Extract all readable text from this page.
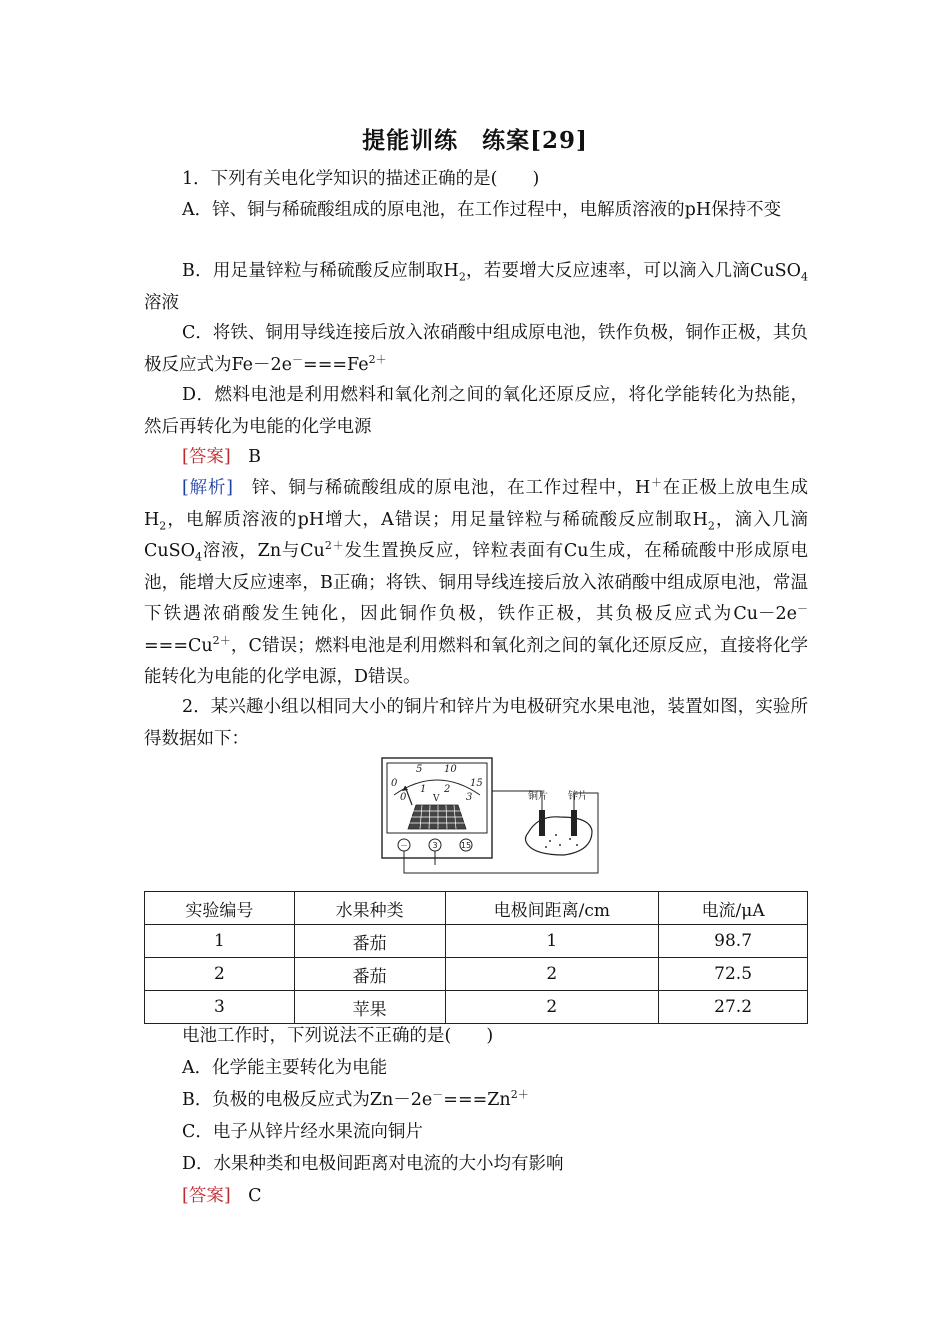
提能训练　练案[29]

1．下列有关电化学知识的描述正确的是(　　)

A．锌、铜与稀硫酸组成的原电池，在工作过程中，电解质溶液的pH保持不变

B．用足量锌粒与稀硫酸反应制取$H_2$，若要增大反应速率，可以滴入几滴CuSO$_4$溶液

C．将铁、铜用导线连接后放入浓硝酸中组成原电池，铁作负极，铜作正极，其负极反应式为$Fe-2e^-===Fe^{2+}$

D．燃料电池是利用燃料和氧化剂之间的氧化还原反应，将化学能转化为热能，然后再转化为电能的化学电源

[答案]　B

[解析]　锌、铜与稀硫酸组成的原电池，在工作过程中，H＋在正极上放电生成$H_2$，电解质溶液的pH增大，A错误；用足量锌粒与稀硫酸反应制取$H_2$，滴入几滴CuSO$_4$溶液，Zn与$Cu^{2+}$发生置换反应，锌粒表面有Cu生成，在稀硫酸中形成原电池，能增大反应速率，B正确；将铁、铜用导线连接后放入浓硝酸中组成原电池，常温下铁遇浓硝酸发生钝化，因此铜作负极，铁作正极，其负极反应式为$Cu-2e^-===Cu^{2+}$，C错误；燃料电池是利用燃料和氧化剂之间的氧化还原反应，直接将化学能转化为电能的化学电源，D错误。

2．某兴趣小组以相同大小的铜片和锌片为电极研究水果电池，装置如图，实验所得数据如下：

0
5 10
15
0
1 2
3
V
－	3	15
铜片 锌片
实验编号	水果种类	电极间距离/cm	电流/μA
1	番茄	1	98.7
2	番茄	2	72.5
3	苹果	2	27.2

电池工作时，下列说法不正确的是(　　)

A．化学能主要转化为电能

B．负极的电极反应式为$Zn-2e^-===Zn^{2+}$

C．电子从锌片经水果流向铜片

D．水果种类和电极间距离对电流的大小均有影响

[答案]　C
